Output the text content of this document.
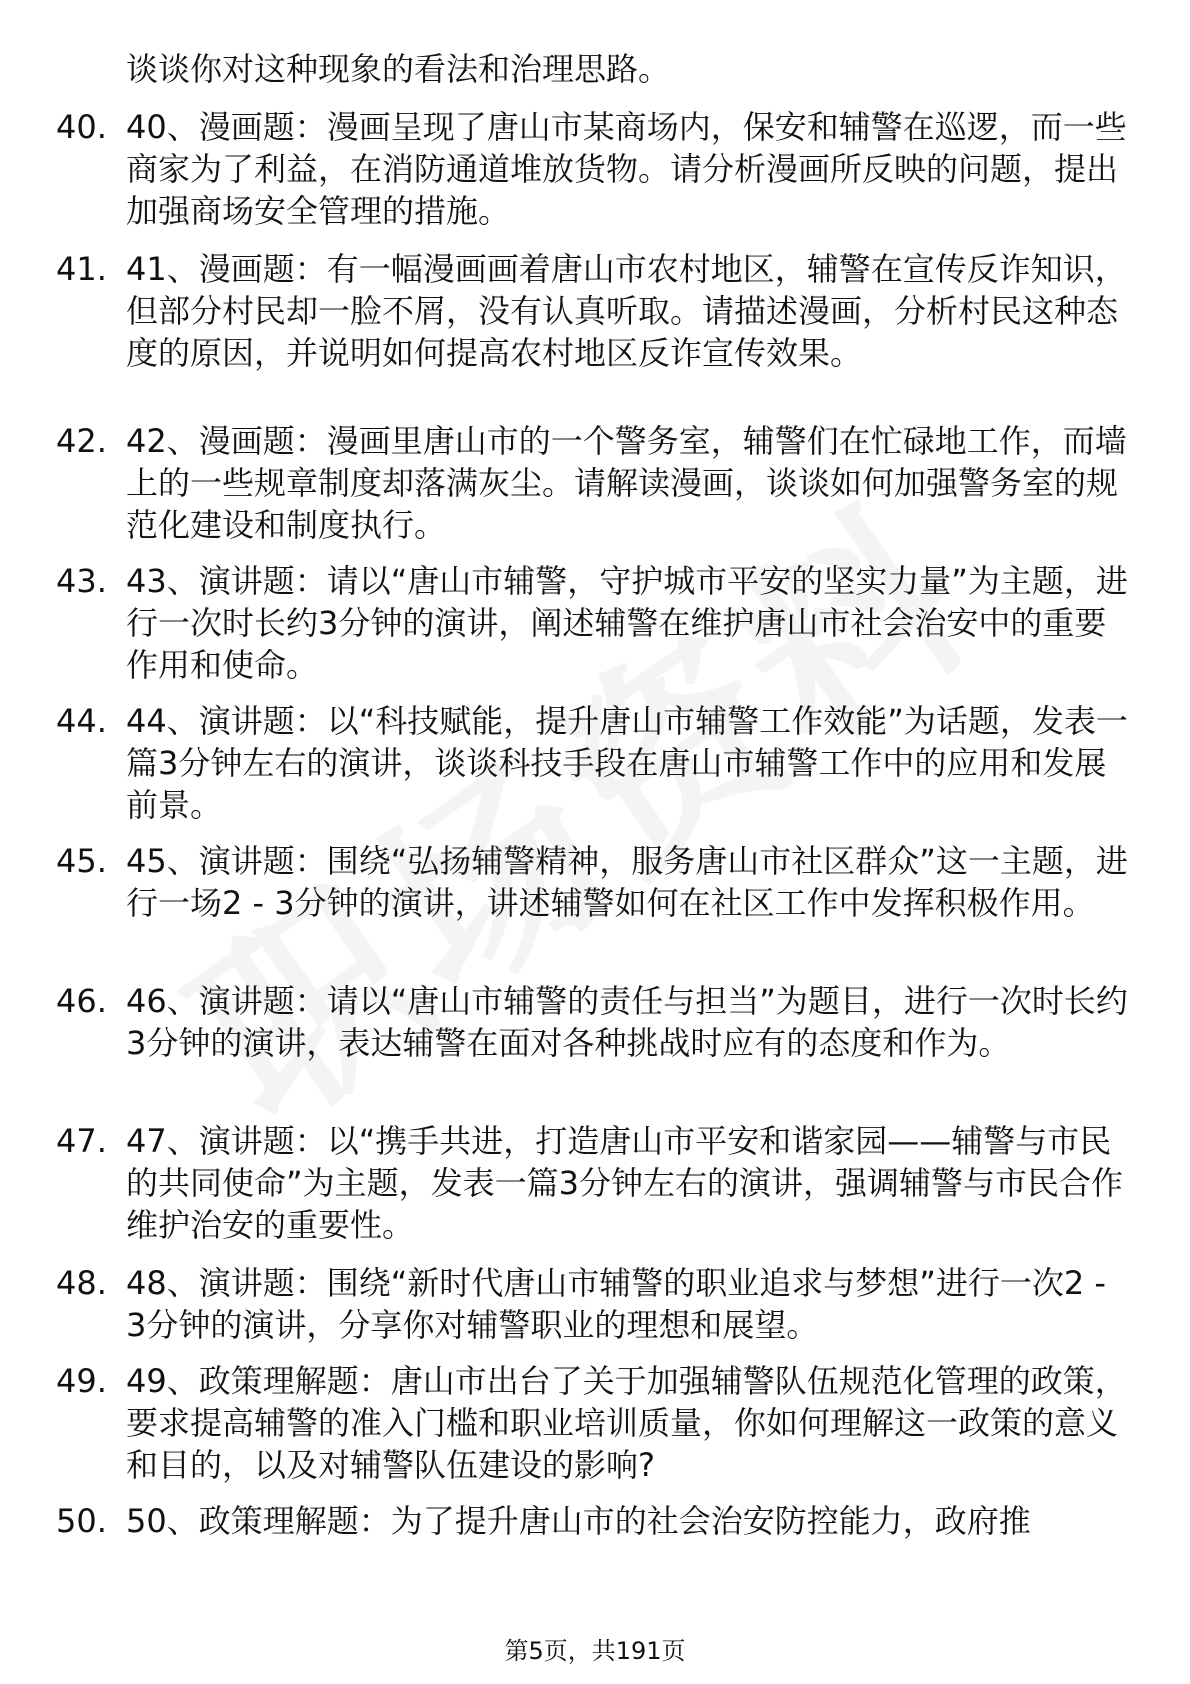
谈谈你对这种现象的看法和治理思路。
40. 40、漫画题：漫画呈现了唐山市某商场内，保安和辅警在巡逻，而一些商家为了利益，在消防通道堆放货物。请分析漫画所反映的问题，提出加强商场安全管理的措施。
41. 41、漫画题：有一幅漫画画着唐山市农村地区，辅警在宣传反诈知识，但部分村民却一脸不屑，没有认真听取。请描述漫画，分析村民这种态度的原因，并说明如何提高农村地区反诈宣传效果。
42. 42、漫画题：漫画里唐山市的一个警务室，辅警们在忙碌地工作，而墙上的一些规章制度却落满灰尘。请解读漫画，谈谈如何加强警务室的规范化建设和制度执行。
43. 43、演讲题：请以“唐山市辅警，守护城市平安的坚实力量”为主题，进行一次时长约3分钟的演讲，阐述辅警在维护唐山市社会治安中的重要作用和使命。
44. 44、演讲题：以“科技赋能，提升唐山市辅警工作效能”为话题，发表一篇3分钟左右的演讲，谈谈科技手段在唐山市辅警工作中的应用和发展前景。
45. 45、演讲题：围绕“弘扬辅警精神，服务唐山市社区群众”这一主题，进行一场2 - 3分钟的演讲，讲述辅警如何在社区工作中发挥积极作用。
46. 46、演讲题：请以“唐山市辅警的责任与担当”为题目，进行一次时长约3分钟的演讲，表达辅警在面对各种挑战时应有的态度和作为。
47. 47、演讲题：以“携手共进，打造唐山市平安和谐家园——辅警与市民的共同使命”为主题，发表一篇3分钟左右的演讲，强调辅警与市民合作维护治安的重要性。
48. 48、演讲题：围绕“新时代唐山市辅警的职业追求与梦想”进行一次2 - 3分钟的演讲，分享你对辅警职业的理想和展望。
49. 49、政策理解题：唐山市出台了关于加强辅警队伍规范化管理的政策，要求提高辅警的准入门槛和职业培训质量，你如何理解这一政策的意义和目的，以及对辅警队伍建设的影响?
50. 50、政策理解题：为了提升唐山市的社会治安防控能力，政府推
第5页，共191页
